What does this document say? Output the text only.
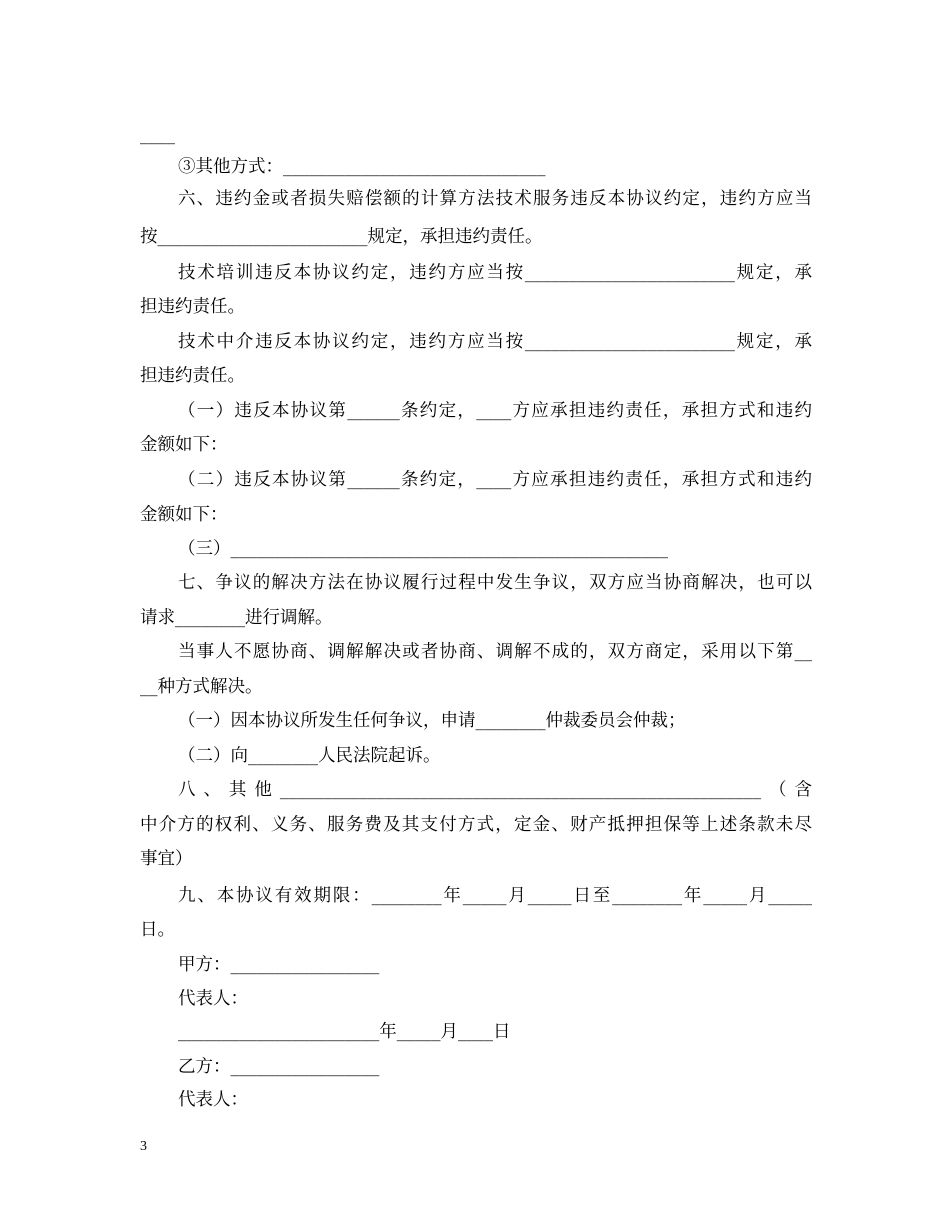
____
③其他方式：______________________________
六、违约金或者损失赔偿额的计算方法技术服务违反本协议约定，违约方应当
按________________________规定，承担违约责任。
技术培训违反本协议约定，违约方应当按________________________规定，承
担违约责任。
技术中介违反本协议约定，违约方应当按________________________规定，承
担违约责任。
（一）违反本协议第______条约定，____方应承担违约责任，承担方式和违约
金额如下：
（二）违反本协议第______条约定，____方应承担违约责任，承担方式和违约
金额如下：
（三）__________________________________________________
七、争议的解决方法在协议履行过程中发生争议，双方应当协商解决，也可以
请求________进行调解。
当事人不愿协商、调解解决或者协商、调解不成的，双方商定，采用以下第__
__种方式解决。
（一）因本协议所发生任何争议，申请________仲裁委员会仲裁；
（二）向________人民法院起诉。
八、其他_______________________________________________________（含
中介方的权利、义务、服务费及其支付方式，定金、财产抵押担保等上述条款未尽
事宜）
九、本协议有效期限：________年_____月_____日至________年_____月_____
日。
甲方：_________________
代表人：
_______________________年_____月____日
乙方：_________________
代表人：
3
